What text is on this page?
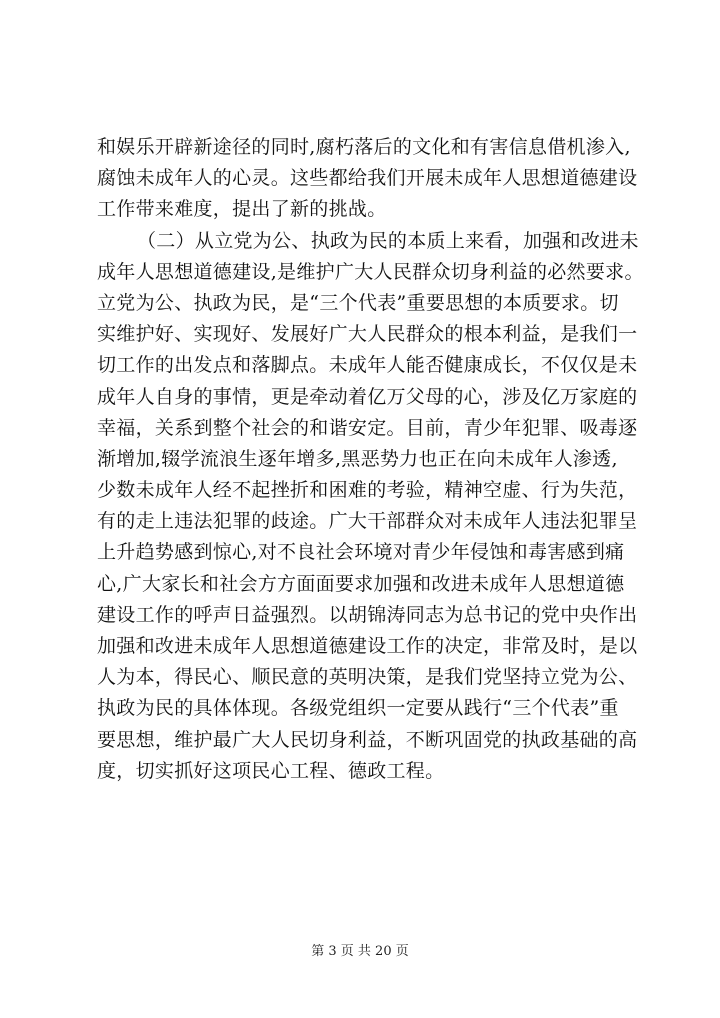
和娱乐开辟新途径的同时,腐朽落后的文化和有害信息借机渗入,
腐蚀未成年人的心灵。这些都给我们开展未成年人思想道德建设
工作带来难度，提出了新的挑战。
（二）从立党为公、执政为民的本质上来看，加强和改进未
成年人思想道德建设,是维护广大人民群众切身利益的必然要求。
立党为公、执政为民，是“三个代表”重要思想的本质要求。切
实维护好、实现好、发展好广大人民群众的根本利益，是我们一
切工作的出发点和落脚点。未成年人能否健康成长，不仅仅是未
成年人自身的事情，更是牵动着亿万父母的心，涉及亿万家庭的
幸福，关系到整个社会的和谐安定。目前，青少年犯罪、吸毒逐
渐增加,辍学流浪生逐年增多,黑恶势力也正在向未成年人渗透,
少数未成年人经不起挫折和困难的考验，精神空虚、行为失范，
有的走上违法犯罪的歧途。广大干部群众对未成年人违法犯罪呈
上升趋势感到惊心,对不良社会环境对青少年侵蚀和毒害感到痛
心,广大家长和社会方方面面要求加强和改进未成年人思想道德
建设工作的呼声日益强烈。以胡锦涛同志为总书记的党中央作出
加强和改进未成年人思想道德建设工作的决定，非常及时，是以
人为本，得民心、顺民意的英明决策，是我们党坚持立党为公、
执政为民的具体体现。各级党组织一定要从践行“三个代表”重
要思想，维护最广大人民切身利益，不断巩固党的执政基础的高
度，切实抓好这项民心工程、德政工程。
第 3 页 共 20 页
